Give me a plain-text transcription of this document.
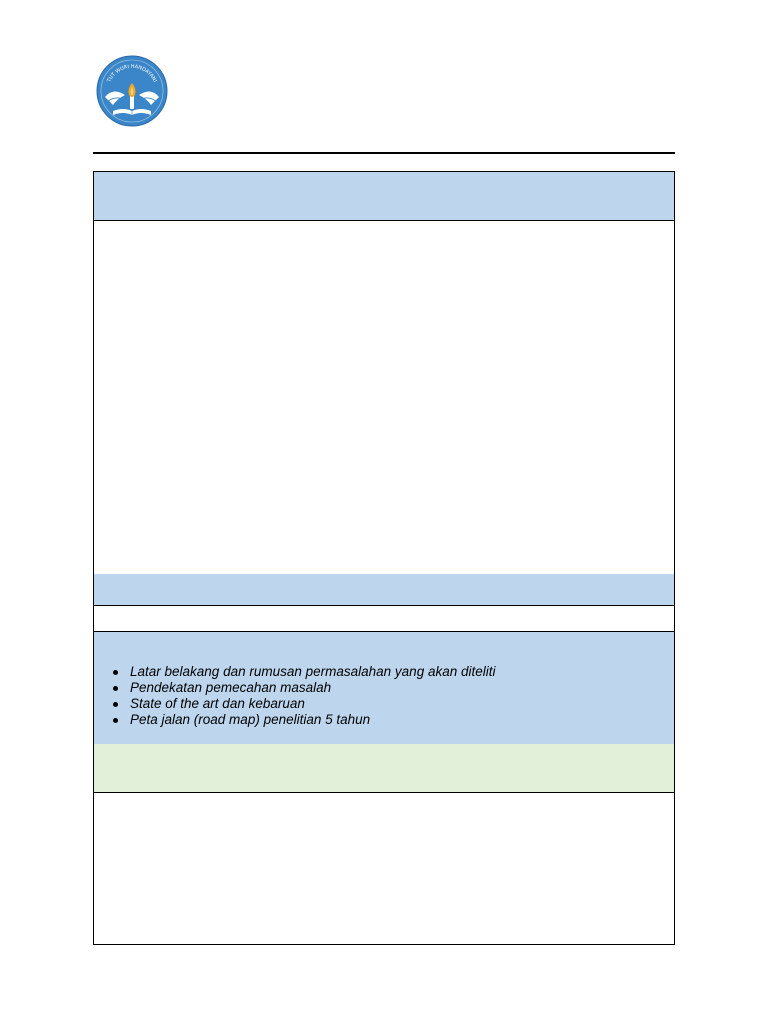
TUT WURI HANDAYANI
Latar belakang dan rumusan permasalahan yang akan diteliti
Pendekatan pemecahan masalah
State of the art dan kebaruan
Peta jalan (road map) penelitian 5 tahun
